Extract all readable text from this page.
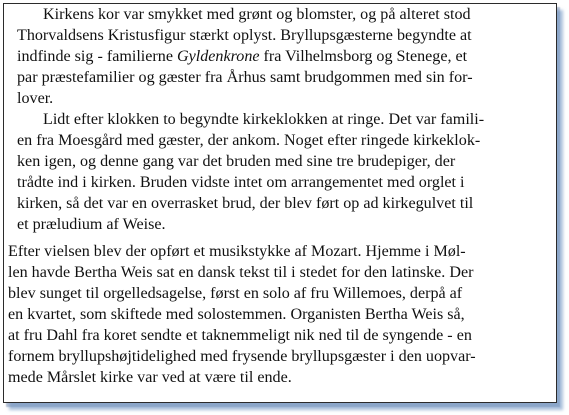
Kirkens kor var smykket med grønt og blomster, og på alteret stod
Thorvaldsens Kristusfigur stærkt oplyst. Bryllupsgæsterne begyndte at
indfinde sig - familierne Gyldenkrone fra Vilhelmsborg og Stenege, et
par præstefamilier og gæster fra Århus samt brudgommen med sin for-
lover.
Lidt efter klokken to begyndte kirkeklokken at ringe. Det var famili-
en fra Moesgård med gæster, der ankom. Noget efter ringede kirkeklok-
ken igen, og denne gang var det bruden med sine tre brudepiger, der
trådte ind i kirken. Bruden vidste intet om arrangementet med orglet i
kirken, så det var en overrasket brud, der blev ført op ad kirkegulvet til
et præludium af Weise.
Efter vielsen blev der opført et musikstykke af Mozart. Hjemme i Møl-
len havde Bertha Weis sat en dansk tekst til i stedet for den latinske. Der
blev sunget til orgelledsagelse, først en solo af fru Willemoes, derpå af
en kvartet, som skiftede med solostemmen. Organisten Bertha Weis så,
at fru Dahl fra koret sendte et taknemmeligt nik ned til de syngende - en
fornem bryllupshøjtidelighed med frysende bryllupsgæster i den uopvar-
mede Mårslet kirke var ved at være til ende.
